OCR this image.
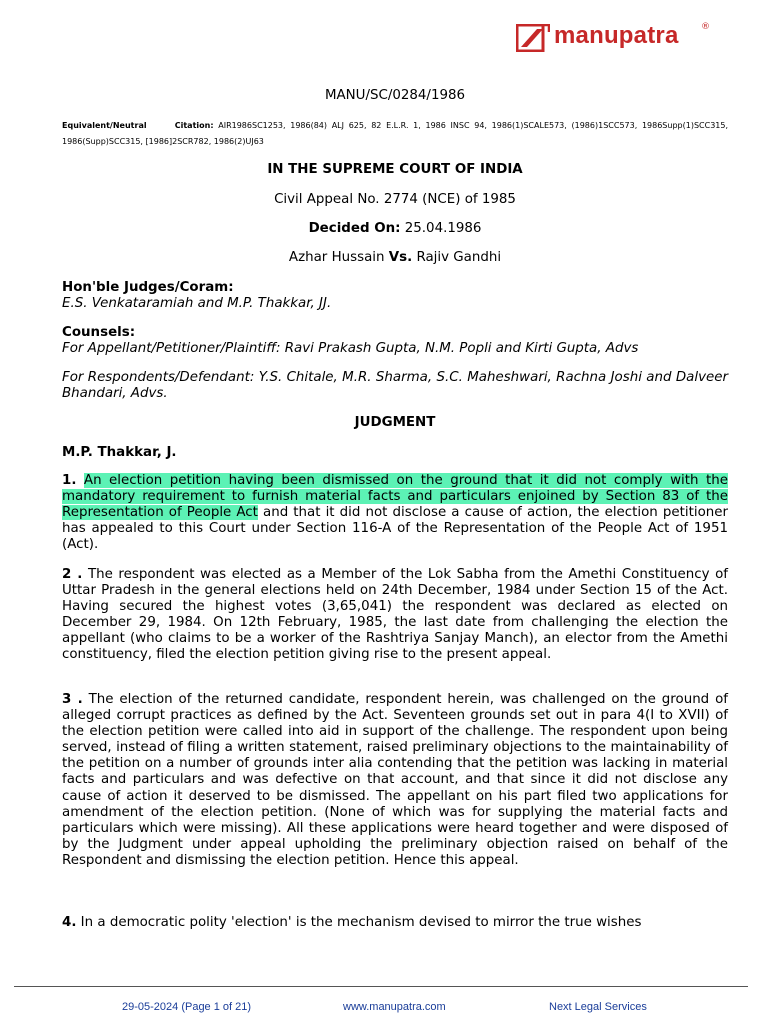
manupatra	®
MANU/SC/0284/1986
Equivalent/Neutral	Citation: AIR1986SC1253, 1986(84) ALJ 625, 82 E.L.R. 1, 1986 INSC 94, 1986(1)SCALE573, (1986)1SCC573, 1986Supp(1)SCC315, 1986(Supp)SCC315, [1986]2SCR782, 1986(2)UJ63
IN THE SUPREME COURT OF INDIA
Civil Appeal No. 2774 (NCE) of 1985
Decided On: 25.04.1986
Azhar Hussain Vs. Rajiv Gandhi
Hon'ble Judges/Coram:
E.S. Venkataramiah and M.P. Thakkar, JJ.
Counsels:
For Appellant/Petitioner/Plaintiff: Ravi Prakash Gupta, N.M. Popli and Kirti Gupta, Advs
For Respondents/Defendant: Y.S. Chitale, M.R. Sharma, S.C. Maheshwari, Rachna Joshi and Dalveer Bhandari, Advs.
JUDGMENT
M.P. Thakkar, J.
1. An election petition having been dismissed on the ground that it did not comply with the mandatory requirement to furnish material facts and particulars enjoined by Section 83 of the Representation of People Act and that it did not disclose a cause of action, the election petitioner has appealed to this Court under Section 116-A of the Representation of the People Act of 1951 (Act).
2 . The respondent was elected as a Member of the Lok Sabha from the Amethi Constituency of Uttar Pradesh in the general elections held on 24th December, 1984 under Section 15 of the Act. Having secured the highest votes (3,65,041) the respondent was declared as elected on December 29, 1984. On 12th February, 1985, the last date from challenging the election the appellant (who claims to be a worker of the Rashtriya Sanjay Manch), an elector from the Amethi constituency, filed the election petition giving rise to the present appeal.
3 . The election of the returned candidate, respondent herein, was challenged on the ground of alleged corrupt practices as defined by the Act. Seventeen grounds set out in para 4(I to XVII) of the election petition were called into aid in support of the challenge. The respondent upon being served, instead of filing a written statement, raised preliminary objections to the maintainability of the petition on a number of grounds inter alia contending that the petition was lacking in material facts and particulars and was defective on that account, and that since it did not disclose any cause of action it deserved to be dismissed. The appellant on his part filed two applications for amendment of the election petition. (None of which was for supplying the material facts and particulars which were missing). All these applications were heard together and were disposed of by the Judgment under appeal upholding the preliminary objection raised on behalf of the Respondent and dismissing the election petition. Hence this appeal.
4. In a democratic polity 'election' is the mechanism devised to mirror the true wishes
29-05-2024 (Page 1 of 21)	www.manupatra.com	Next Legal Services
